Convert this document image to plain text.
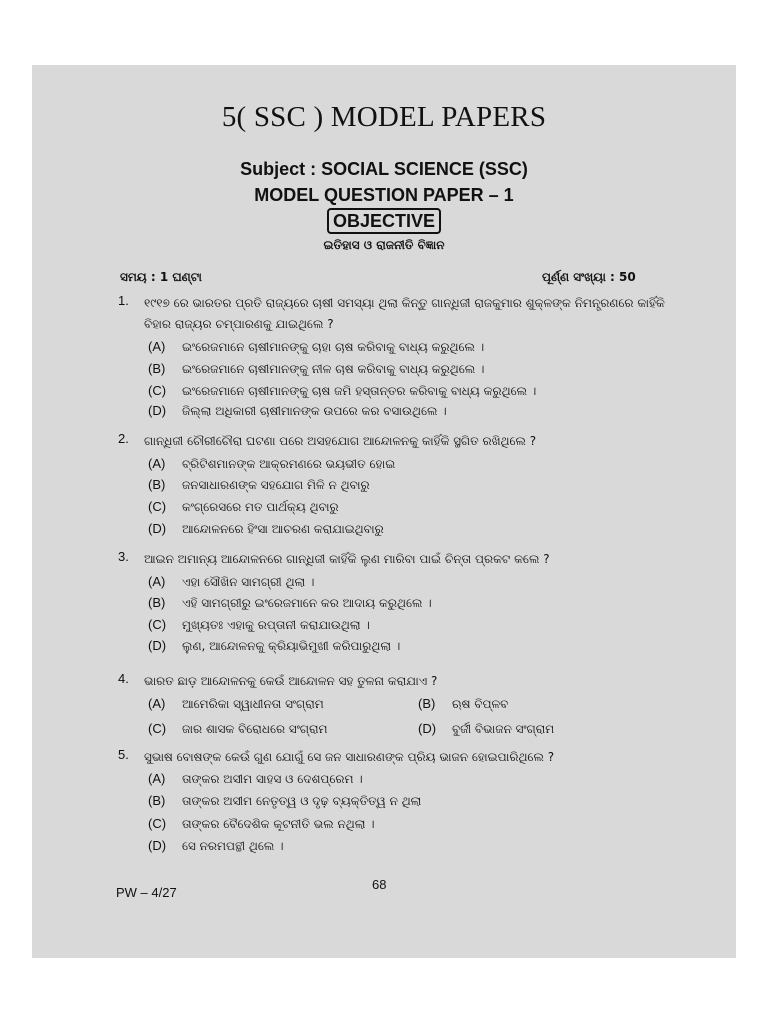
5( SSC ) MODEL PAPERS
Subject : SOCIAL SCIENCE (SSC)
MODEL QUESTION PAPER – 1
OBJECTIVE
ଇତିହାସ ଓ ରାଜନୀତି ବିଜ୍ଞାନ
ସମୟ : 1 ଘଣ୍ଟା	ପୂର୍ଣ୍ଣ ସଂଖ୍ୟା : 50
1. ୧୯୧୭ ରେ ଭାରତର ପ୍ରତି ରାଜ୍ୟରେ ଚାଷୀ ସମସ୍ୟା ଥିଲା କିନ୍ତୁ ଗାନ୍ଧିଜୀ ରାଜକୁମାର ଶୁକ୍ଳଙ୍କ ନିମନ୍ତ୍ରଣରେ କାହିଁକି ବିହାର ରାଜ୍ୟର ଚମ୍ପାରଣକୁ ଯାଇଥିଲେ ?
(A) ଇଂରେଜମାନେ ଚାଷୀମାନଙ୍କୁ ଚାହା ଚାଷ କରିବାକୁ ବାଧ୍ୟ କରୁଥିଲେ ।
(B) ଇଂରେଜମାନେ ଚାଷୀମାନଙ୍କୁ ନୀଳ ଚାଷ କରିବାକୁ ବାଧ୍ୟ କରୁଥିଲେ ।
(C) ଇଂରେଜମାନେ ଚାଷୀମାନଙ୍କୁ ଚାଷ ଜମି ହସ୍ତାନ୍ତର କରିବାକୁ ବାଧ୍ୟ କରୁଥିଲେ ।
(D) ଜିଲ୍ଲା ଅଧିକାରୀ ଚାଷୀମାନଙ୍କ ଉପରେ କର ବସାଉଥିଲେ ।
2. ଗାନ୍ଧିଜୀ ଚୌରୀଚୌରା ଘଟଣା ପରେ ଅସହଯୋଗ ଆନ୍ଦୋଳନକୁ କାହିଁକି ସ୍ଥଗିତ ରଖିଥିଲେ ?
(A) ବ୍ରିଟିଶମାନଙ୍କ ଆକ୍ରମଣରେ ଭୟଭୀତ ହୋଇ
(B) ଜନସାଧାରଣଙ୍କ ସହଯୋଗ ମିଳି ନ ଥିବାରୁ
(C) କଂଗ୍ରେସରେ ମତ ପାର୍ଥକ୍ୟ ଥିବାରୁ
(D) ଆନ୍ଦୋଳନରେ ହିଂସା ଆଚରଣ କରାଯାଇଥିବାରୁ
3. ଆଇନ ଅମାନ୍ୟ ଆନ୍ଦୋଳନରେ ଗାନ୍ଧିଜୀ କାହିଁକି ଲୁଣ ମାରିବା ପାଇଁ ଚିନ୍ତା ପ୍ରକଟ କଲେ ?
(A) ଏହା ସୌଖିନ ସାମଗ୍ରୀ ଥିଲା ।
(B) ଏହି ସାମଗ୍ରୀରୁ ଇଂରେଜମାନେ କର ଆଦାୟ କରୁଥିଲେ ।
(C) ମୁଖ୍ୟତଃ ଏହାକୁ ରପ୍ତାନୀ କରାଯାଉଥିଲା ।
(D) ଲୁଣ, ଆନ୍ଦୋଳନକୁ କ୍ରିୟାଭିମୁଖୀ କରିପାରୁଥିଲା ।
4. ଭାରତ ଛାଡ଼ ଆନ୍ଦୋଳନକୁ କେଉଁ ଆନ୍ଦୋଳନ ସହ ତୁଳନା କରାଯାଏ ?
(A) ଆମେରିକା ସ୍ୱାଧୀନତା ସଂଗ୍ରାମ	(B) ଋଷ ବିପ୍ଳବ
(C) ଜାର ଶାସକ ବିରୋଧରେ ସଂଗ୍ରାମ	(D) ବୁର୍ଜୀ ବିଭାଜନ ସଂଗ୍ରାମ
5. ସୁଭାଷ ବୋଷଙ୍କ କେଉଁ ଗୁଣ ଯୋଗୁଁ ସେ ଜନ ସାଧାରଣଙ୍କ ପ୍ରିୟ ଭାଜନ ହୋଇପାରିଥିଲେ ?
(A) ତାଙ୍କର ଅସୀମ ସାହସ ଓ ଦେଶପ୍ରେମ ।
(B) ତାଙ୍କର ଅସୀମ ନେତୃତ୍ୱ ଓ ଦୃଢ଼ ବ୍ୟକ୍ତିତ୍ୱ ନ ଥିଲା
(C) ତାଙ୍କର ବୈଦେଶିକ କୂଟନୀତି ଭଲ ନଥିଲା ।
(D) ସେ ନରମପନ୍ଥୀ ଥିଲେ ।
PW – 4/27
68
